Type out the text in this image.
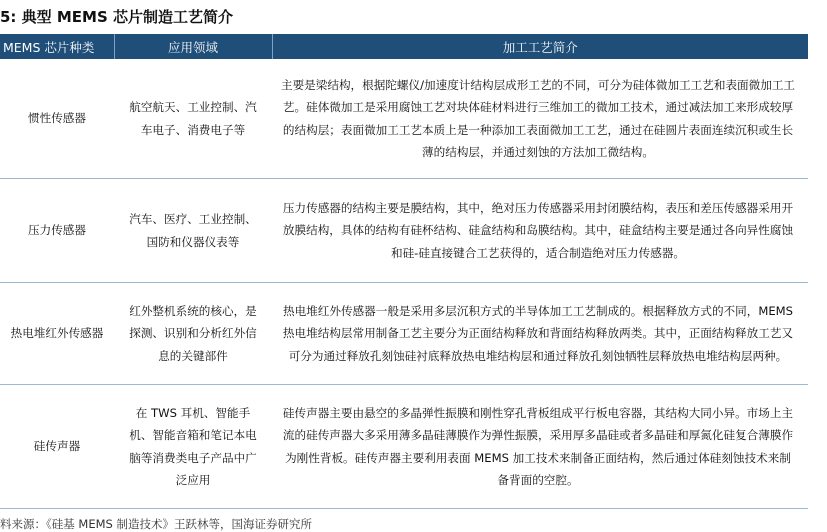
5: 典型 MEMS 芯片制造工艺简介
MEMS 芯片种类	应用领域	加工工艺简介
惯性传感器	航空航天、工业控制、汽车电子、消费电子等	主要是梁结构，根据陀螺仪/加速度计结构层成形工艺的不同，可分为硅体微加工工艺和表面微加工工艺。硅体微加工是采用腐蚀工艺对块体硅材料进行三维加工的微加工技术，通过减法加工来形成较厚的结构层；表面微加工工艺本质上是一种添加工表面微加工工艺，通过在硅圆片表面连续沉积或生长薄的结构层，并通过刻蚀的方法加工微结构。
压力传感器	汽车、医疗、工业控制、国防和仪器仪表等	压力传感器的结构主要是膜结构，其中，绝对压力传感器采用封闭膜结构，表压和差压传感器采用开放膜结构，具体的结构有硅杯结构、硅盒结构和岛膜结构。其中，硅盒结构主要是通过各向异性腐蚀和硅-硅直接键合工艺获得的，适合制造绝对压力传感器。
热电堆红外传感器	红外整机系统的核心，是探测、识别和分析红外信息的关键部件	热电堆红外传感器一般是采用多层沉积方式的半导体加工工艺制成的。根据释放方式的不同，MEMS 热电堆结构层常用制备工艺主要分为正面结构释放和背面结构释放两类。其中，正面结构释放工艺又可分为通过释放孔刻蚀硅衬底释放热电堆结构层和通过释放孔刻蚀牺牲层释放热电堆结构层两种。
硅传声器	在 TWS 耳机、智能手机、智能音箱和笔记本电脑等消费类电子产品中广泛应用	硅传声器主要由悬空的多晶弹性振膜和刚性穿孔背板组成平行板电容器，其结构大同小异。市场上主流的硅传声器大多采用薄多晶硅薄膜作为弹性振膜，采用厚多晶硅或者多晶硅和厚氮化硅复合薄膜作为刚性背板。硅传声器主要利用表面 MEMS 加工技术来制备正面结构，然后通过体硅刻蚀技术来制备背面的空腔。
料来源：《硅基 MEMS 制造技术》王跃林等，国海证券研究所
